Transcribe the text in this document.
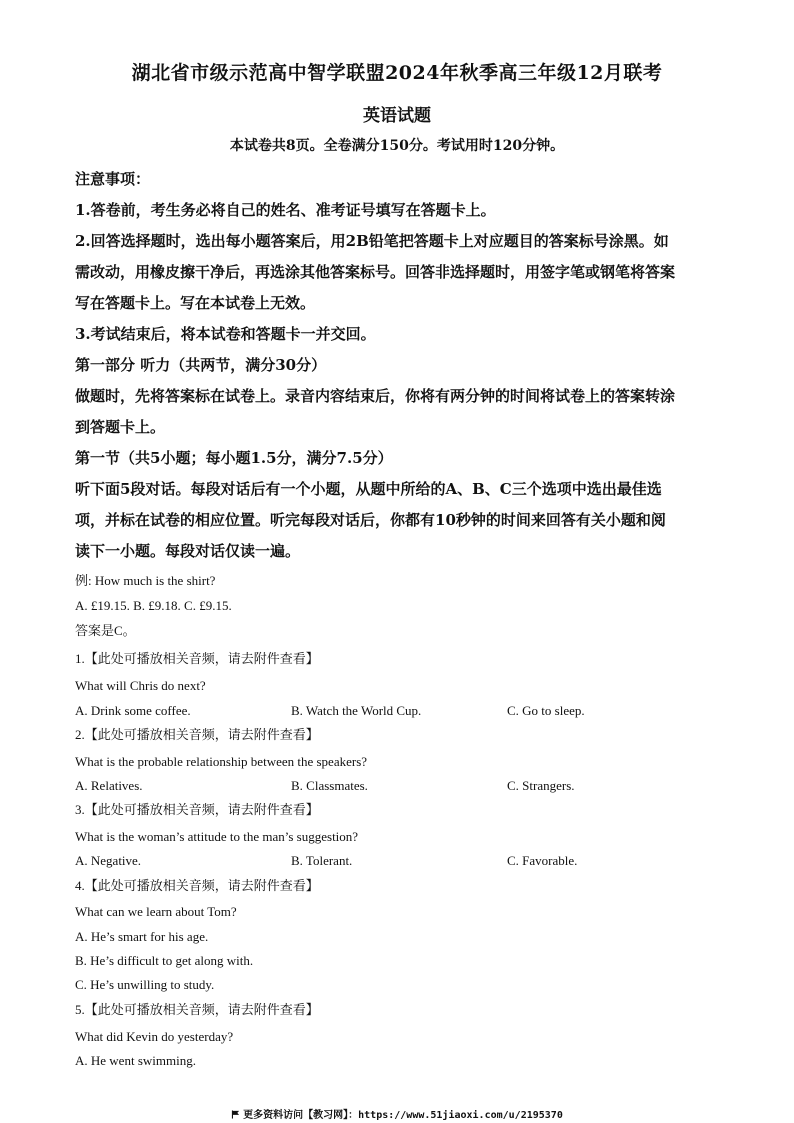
湖北省市级示范高中智学联盟2024年秋季高三年级12月联考
英语试题
本试卷共8页。全卷满分150分。考试用时120分钟。
注意事项：
1.答卷前，考生务必将自己的姓名、准考证号填写在答题卡上。
2.回答选择题时，选出每小题答案后，用2B铅笔把答题卡上对应题目的答案标号涂黑。如
需改动，用橡皮擦干净后，再选涂其他答案标号。回答非选择题时，用签字笔或钢笔将答案
写在答题卡上。写在本试卷上无效。
3.考试结束后，将本试卷和答题卡一并交回。
第一部分 听力（共两节，满分30分）
做题时，先将答案标在试卷上。录音内容结束后，你将有两分钟的时间将试卷上的答案转涂
到答题卡上。
第一节（共5小题；每小题1.5分，满分7.5分）
听下面5段对话。每段对话后有一个小题，从题中所给的A、B、C三个选项中选出最佳选
项，并标在试卷的相应位置。听完每段对话后，你都有10秒钟的时间来回答有关小题和阅
读下一小题。每段对话仅读一遍。
例: How much is the shirt?
A. £19.15. B. £9.18. C. £9.15.
答案是C。
1.【此处可播放相关音频，请去附件查看】
What will Chris do next?
A. Drink some coffee.	B. Watch the World Cup.	C. Go to sleep.
2.【此处可播放相关音频，请去附件查看】
What is the probable relationship between the speakers?
A. Relatives.	B. Classmates.	C. Strangers.
3.【此处可播放相关音频，请去附件查看】
What is the woman’s attitude to the man’s suggestion?
A. Negative.	B. Tolerant.	C. Favorable.
4.【此处可播放相关音频，请去附件查看】
What can we learn about Tom?
A. He’s smart for his age.
B. He’s difficult to get along with.
C. He’s unwilling to study.
5.【此处可播放相关音频，请去附件查看】
What did Kevin do yesterday?
A. He went swimming.
更多资料访问【教习网】：https://www.51jiaoxi.com/u/2195370
